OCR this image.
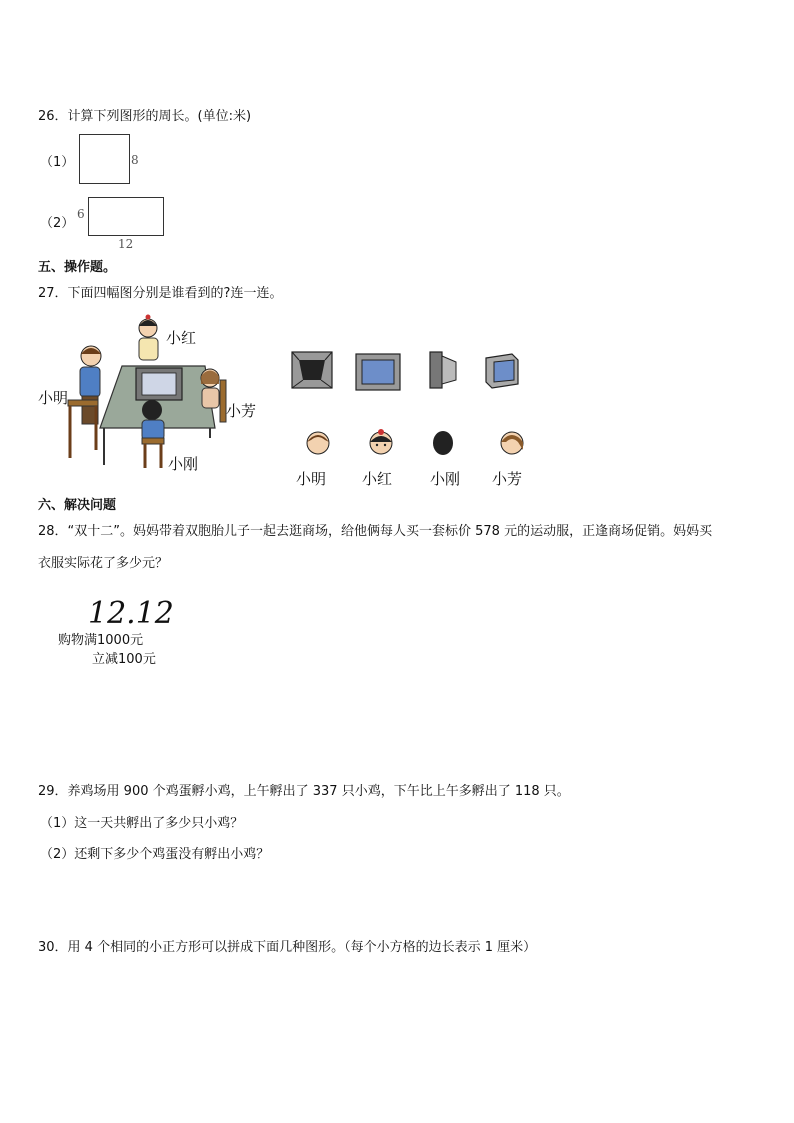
26．计算下列图形的周长。(单位:米)
（1）	8
（2）
6
12
五、操作题。
27．下面四幅图分别是谁看到的?连一连。
小红
小明
小芳
小刚
小明 小红	小刚 小芳
六、解决问题
28．“双十二”。妈妈带着双胞胎儿子一起去逛商场，给他俩每人买一套标价 578 元的运动服，正逢商场促销。妈妈买
衣服实际花了多少元？
12.12
购物满1000元
立减100元
29．养鸡场用 900 个鸡蛋孵小鸡，上午孵出了 337 只小鸡，下午比上午多孵出了 118 只。
（1）这一天共孵出了多少只小鸡？
（2）还剩下多少个鸡蛋没有孵出小鸡？
30．用 4 个相同的小正方形可以拼成下面几种图形。（每个小方格的边长表示 1 厘米）
